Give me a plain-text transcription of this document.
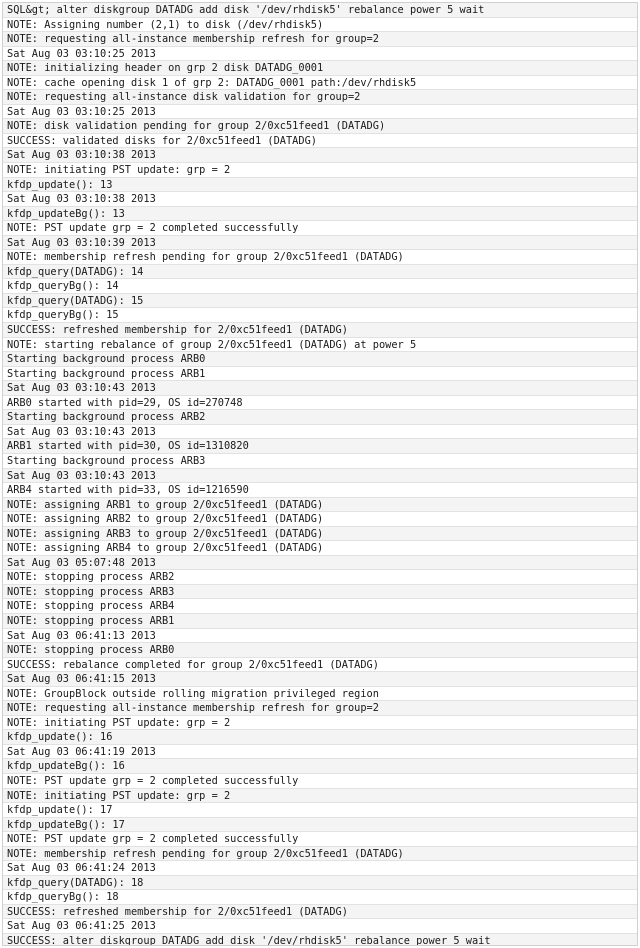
SQL&gt; alter diskgroup DATADG add disk '/dev/rhdisk5' rebalance power 5 wait
NOTE: Assigning number (2,1) to disk (/dev/rhdisk5)
NOTE: requesting all-instance membership refresh for group=2
Sat Aug 03 03:10:25 2013
NOTE: initializing header on grp 2 disk DATADG_0001
NOTE: cache opening disk 1 of grp 2: DATADG_0001 path:/dev/rhdisk5
NOTE: requesting all-instance disk validation for group=2
Sat Aug 03 03:10:25 2013
NOTE: disk validation pending for group 2/0xc51feed1 (DATADG)
SUCCESS: validated disks for 2/0xc51feed1 (DATADG)
Sat Aug 03 03:10:38 2013
NOTE: initiating PST update: grp = 2
kfdp_update(): 13
Sat Aug 03 03:10:38 2013
kfdp_updateBg(): 13
NOTE: PST update grp = 2 completed successfully
Sat Aug 03 03:10:39 2013
NOTE: membership refresh pending for group 2/0xc51feed1 (DATADG)
kfdp_query(DATADG): 14
kfdp_queryBg(): 14
kfdp_query(DATADG): 15
kfdp_queryBg(): 15
SUCCESS: refreshed membership for 2/0xc51feed1 (DATADG)
NOTE: starting rebalance of group 2/0xc51feed1 (DATADG) at power 5
Starting background process ARB0
Starting background process ARB1
Sat Aug 03 03:10:43 2013
ARB0 started with pid=29, OS id=270748
Starting background process ARB2
Sat Aug 03 03:10:43 2013
ARB1 started with pid=30, OS id=1310820
Starting background process ARB3
Sat Aug 03 03:10:43 2013
ARB4 started with pid=33, OS id=1216590
NOTE: assigning ARB1 to group 2/0xc51feed1 (DATADG)
NOTE: assigning ARB2 to group 2/0xc51feed1 (DATADG)
NOTE: assigning ARB3 to group 2/0xc51feed1 (DATADG)
NOTE: assigning ARB4 to group 2/0xc51feed1 (DATADG)
Sat Aug 03 05:07:48 2013
NOTE: stopping process ARB2
NOTE: stopping process ARB3
NOTE: stopping process ARB4
NOTE: stopping process ARB1
Sat Aug 03 06:41:13 2013
NOTE: stopping process ARB0
SUCCESS: rebalance completed for group 2/0xc51feed1 (DATADG)
Sat Aug 03 06:41:15 2013
NOTE: GroupBlock outside rolling migration privileged region
NOTE: requesting all-instance membership refresh for group=2
NOTE: initiating PST update: grp = 2
kfdp_update(): 16
Sat Aug 03 06:41:19 2013
kfdp_updateBg(): 16
NOTE: PST update grp = 2 completed successfully
NOTE: initiating PST update: grp = 2
kfdp_update(): 17
kfdp_updateBg(): 17
NOTE: PST update grp = 2 completed successfully
NOTE: membership refresh pending for group 2/0xc51feed1 (DATADG)
Sat Aug 03 06:41:24 2013
kfdp_query(DATADG): 18
kfdp_queryBg(): 18
SUCCESS: refreshed membership for 2/0xc51feed1 (DATADG)
Sat Aug 03 06:41:25 2013
SUCCESS: alter diskgroup DATADG add disk '/dev/rhdisk5' rebalance power 5 wait
